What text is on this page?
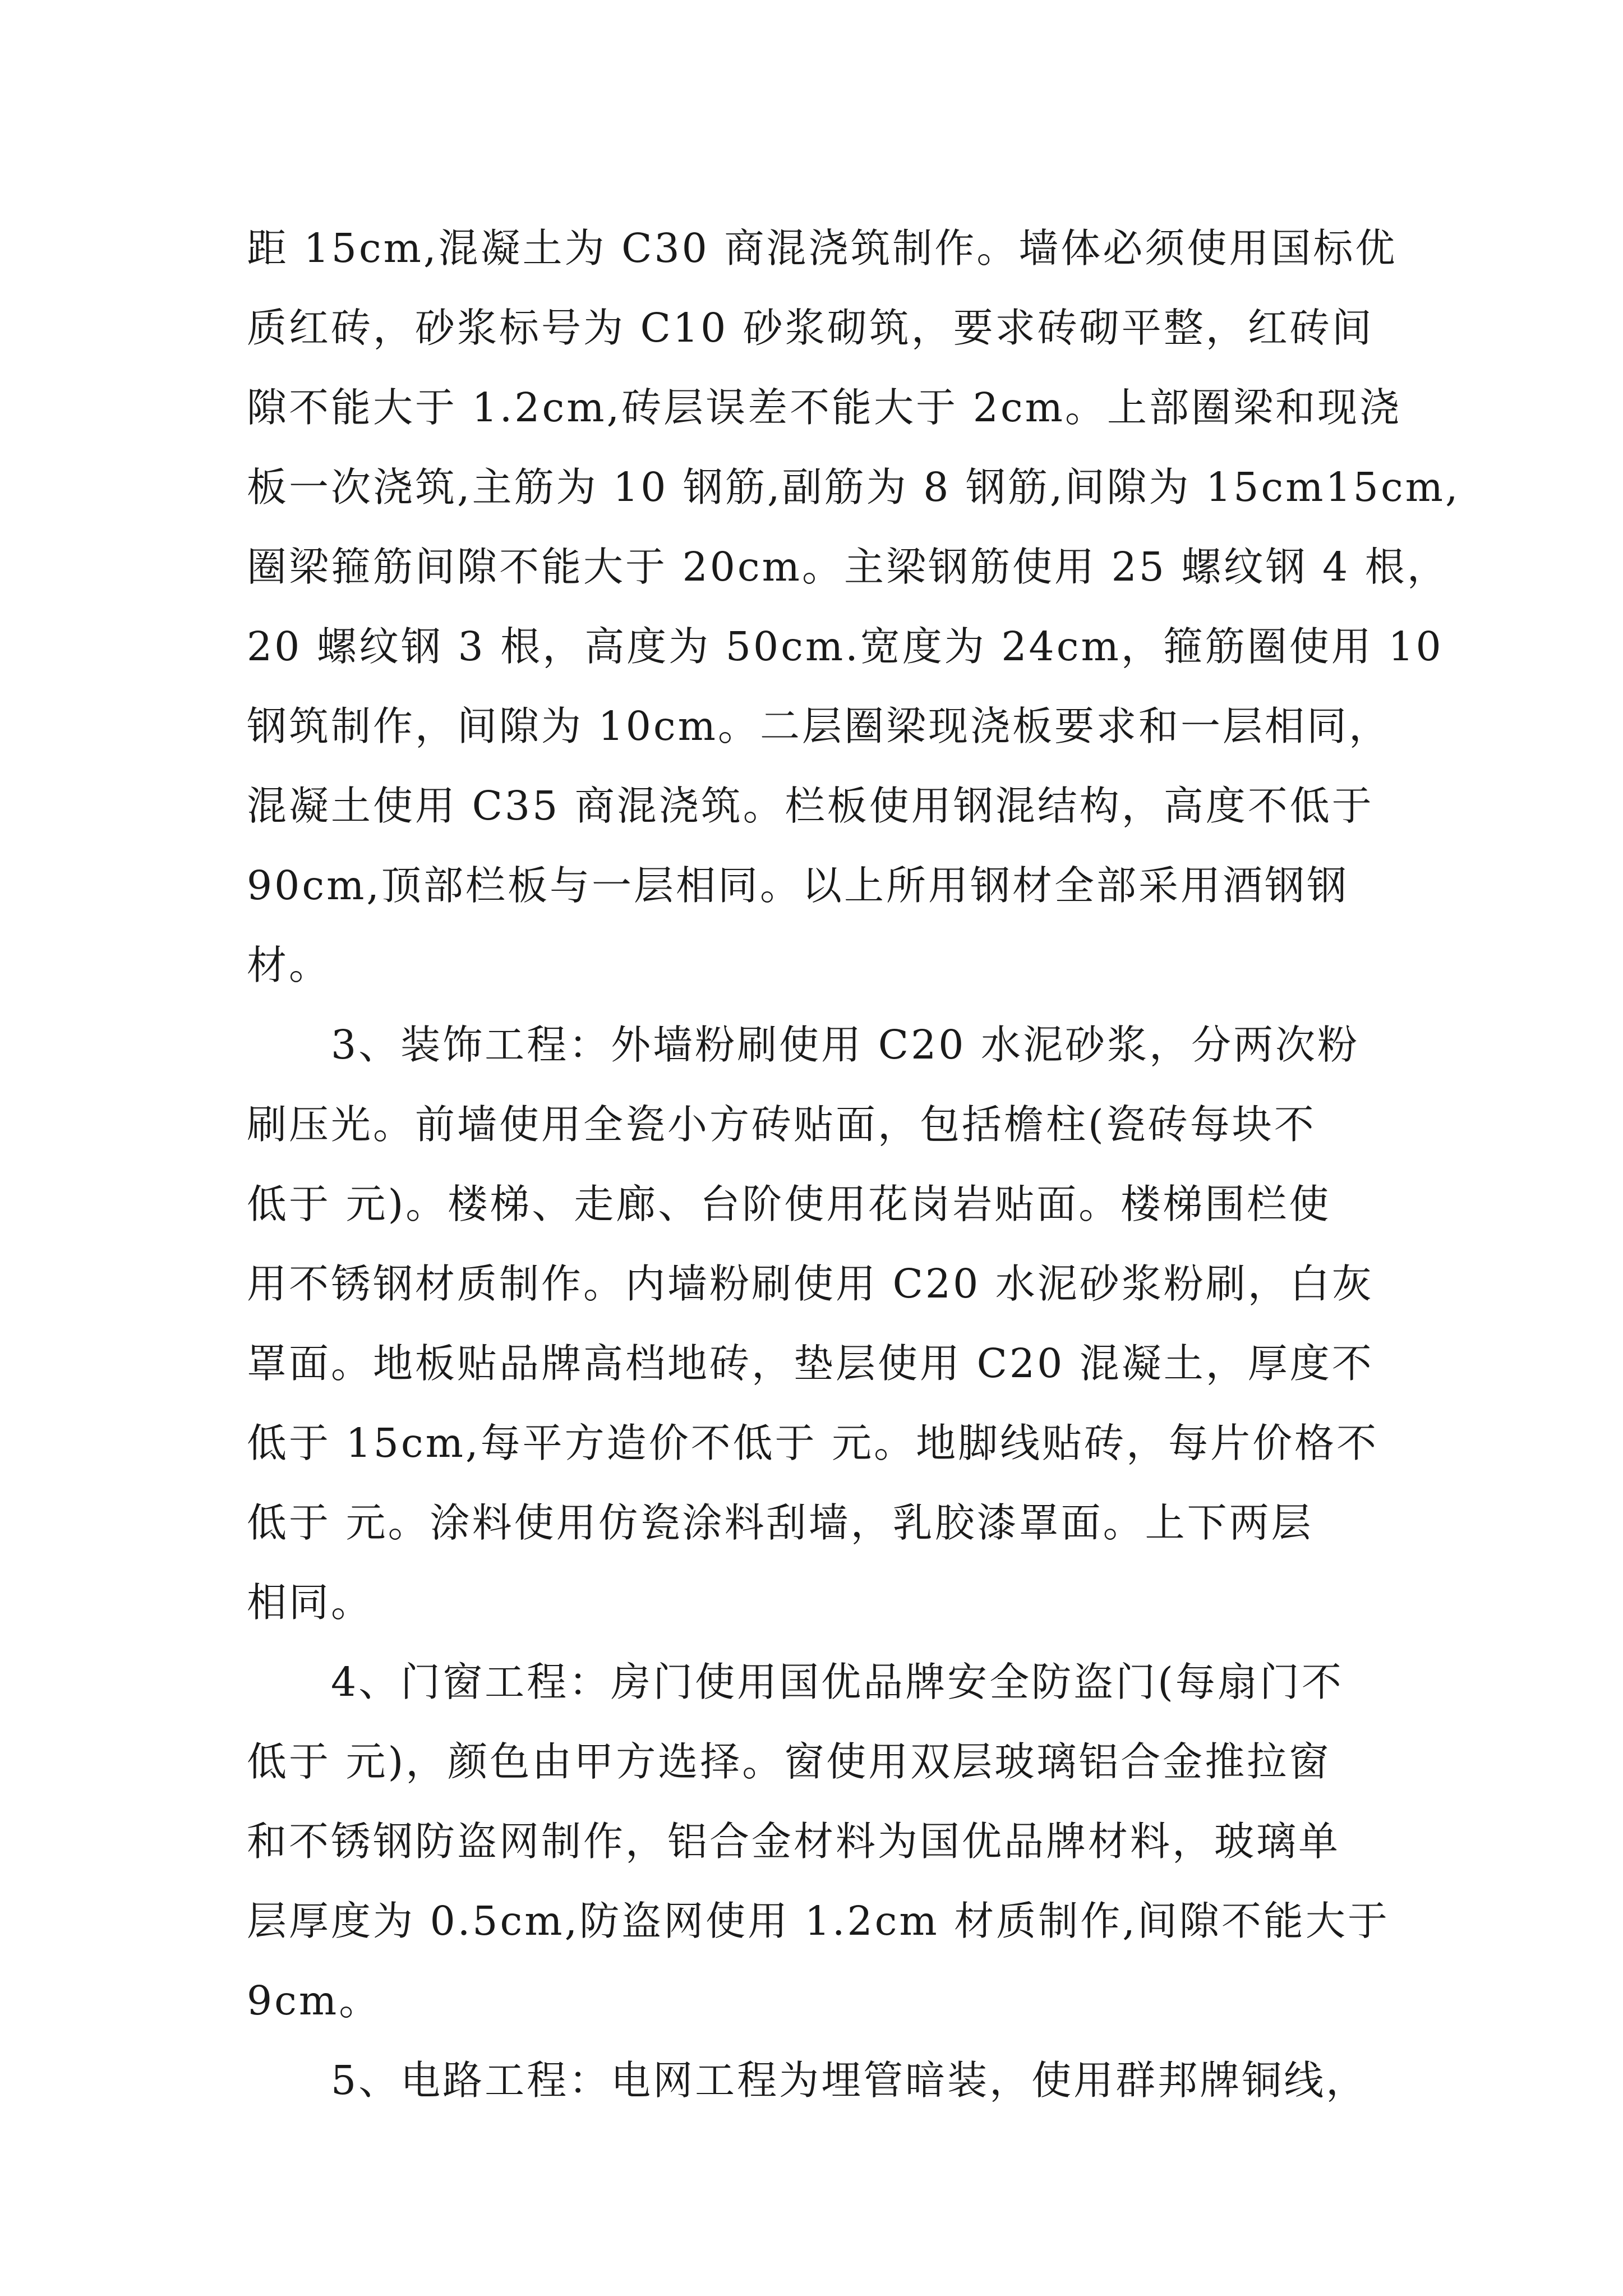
距 15cm,混凝土为 C30 商混浇筑制作。墙体必须使用国标优
质红砖，砂浆标号为 C10 砂浆砌筑，要求砖砌平整，红砖间
隙不能大于 1.2cm,砖层误差不能大于 2cm。上部圈梁和现浇
板一次浇筑,主筋为 10 钢筋,副筋为 8 钢筋,间隙为 15cm15cm,
圈梁箍筋间隙不能大于 20cm。主梁钢筋使用 25 螺纹钢 4 根，
20 螺纹钢 3 根，高度为 50cm.宽度为 24cm，箍筋圈使用 10
钢筑制作，间隙为 10cm。二层圈梁现浇板要求和一层相同，
混凝土使用 C35 商混浇筑。栏板使用钢混结构，高度不低于
90cm,顶部栏板与一层相同。以上所用钢材全部采用酒钢钢
材。
3、装饰工程：外墙粉刷使用 C20 水泥砂浆，分两次粉
刷压光。前墙使用全瓷小方砖贴面，包括檐柱(瓷砖每块不
低于 元)。楼梯、走廊、台阶使用花岗岩贴面。楼梯围栏使
用不锈钢材质制作。内墙粉刷使用 C20 水泥砂浆粉刷，白灰
罩面。地板贴品牌高档地砖，垫层使用 C20 混凝土，厚度不
低于 15cm,每平方造价不低于 元。地脚线贴砖，每片价格不
低于 元。涂料使用仿瓷涂料刮墙，乳胶漆罩面。上下两层
相同。
4、门窗工程：房门使用国优品牌安全防盗门(每扇门不
低于 元)，颜色由甲方选择。窗使用双层玻璃铝合金推拉窗
和不锈钢防盗网制作，铝合金材料为国优品牌材料，玻璃单
层厚度为 0.5cm,防盗网使用 1.2cm 材质制作,间隙不能大于
9cm。
5、电路工程：电网工程为埋管暗装，使用群邦牌铜线，
